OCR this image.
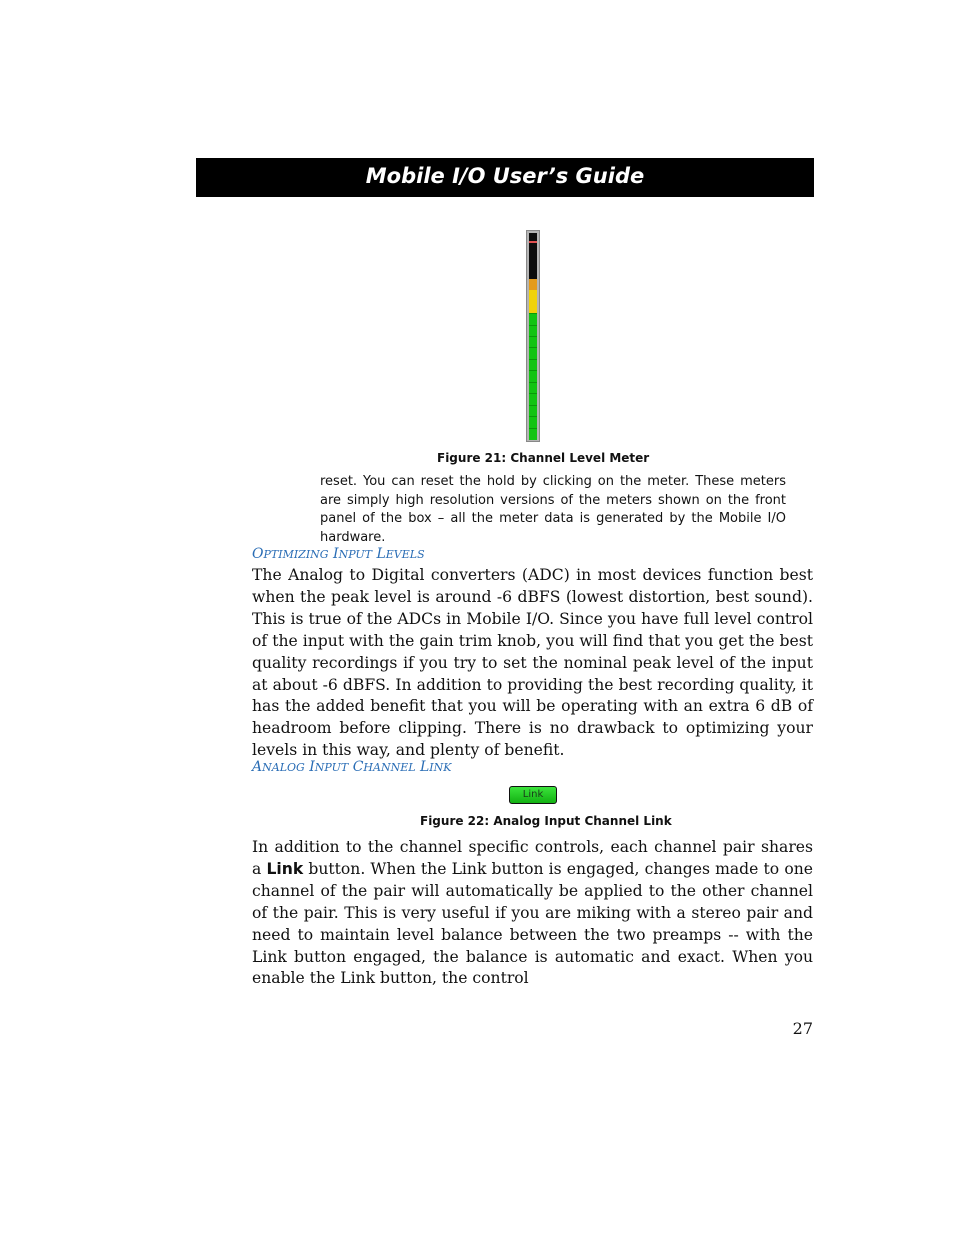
Mobile I/O User’s Guide
Figure 21: Channel Level Meter
reset. You can reset the hold by clicking on the meter. These meters are simply high resolution versions of the meters shown on the front panel of the box – all the meter data is generated by the Mobile I/O hardware.
OPTIMIZING INPUT LEVELS
The Analog to Digital converters (ADC) in most devices function best when the peak level is around -6 dBFS (lowest distortion, best sound). This is true of the ADCs in Mobile I/O. Since you have full level control of the input with the gain trim knob, you will find that you get the best quality recordings if you try to set the nominal peak level of the input at about -6 dBFS. In addition to providing the best recording quality, it has the added benefit that you will be operating with an extra 6 dB of headroom before clipping. There is no drawback to optimizing your levels in this way, and plenty of benefit.
ANALOG INPUT CHANNEL LINK
Link
Figure 22: Analog Input Channel Link
In addition to the channel specific controls, each channel pair shares a Link button. When the Link button is engaged, changes made to one channel of the pair will automatically be applied to the other channel of the pair. This is very useful if you are miking with a stereo pair and need to maintain level balance between the two preamps -- with the Link button engaged, the balance is automatic and exact. When you enable the Link button, the control
27
